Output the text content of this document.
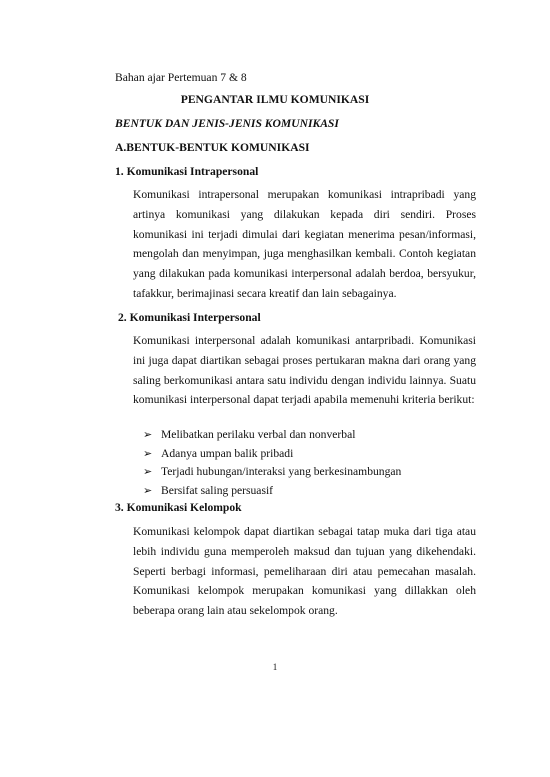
Bahan ajar Pertemuan 7 & 8
PENGANTAR ILMU KOMUNIKASI
BENTUK DAN JENIS-JENIS KOMUNIKASI
A.BENTUK-BENTUK KOMUNIKASI
1. Komunikasi Intrapersonal
Komunikasi intrapersonal merupakan komunikasi intrapribadi yang artinya komunikasi yang dilakukan kepada diri sendiri. Proses komunikasi ini terjadi dimulai dari kegiatan menerima pesan/informasi, mengolah dan menyimpan, juga menghasilkan kembali. Contoh kegiatan yang dilakukan pada komunikasi interpersonal adalah berdoa, bersyukur, tafakkur, berimajinasi secara kreatif dan lain sebagainya.
2. Komunikasi Interpersonal
Komunikasi interpersonal adalah komunikasi antarpribadi. Komunikasi ini juga dapat diartikan sebagai proses pertukaran makna dari orang yang saling berkomunikasi antara satu individu dengan individu lainnya. Suatu komunikasi interpersonal dapat terjadi apabila memenuhi kriteria berikut:
➢ Melibatkan perilaku verbal dan nonverbal
➢ Adanya umpan balik pribadi
➢ Terjadi hubungan/interaksi yang berkesinambungan
➢ Bersifat saling persuasif
3. Komunikasi Kelompok
Komunikasi kelompok dapat diartikan sebagai tatap muka dari tiga atau lebih individu guna memperoleh maksud dan tujuan yang dikehendaki. Seperti berbagi informasi, pemeliharaan diri atau pemecahan masalah. Komunikasi kelompok merupakan komunikasi yang dillakkan oleh beberapa orang lain atau sekelompok orang.
1
